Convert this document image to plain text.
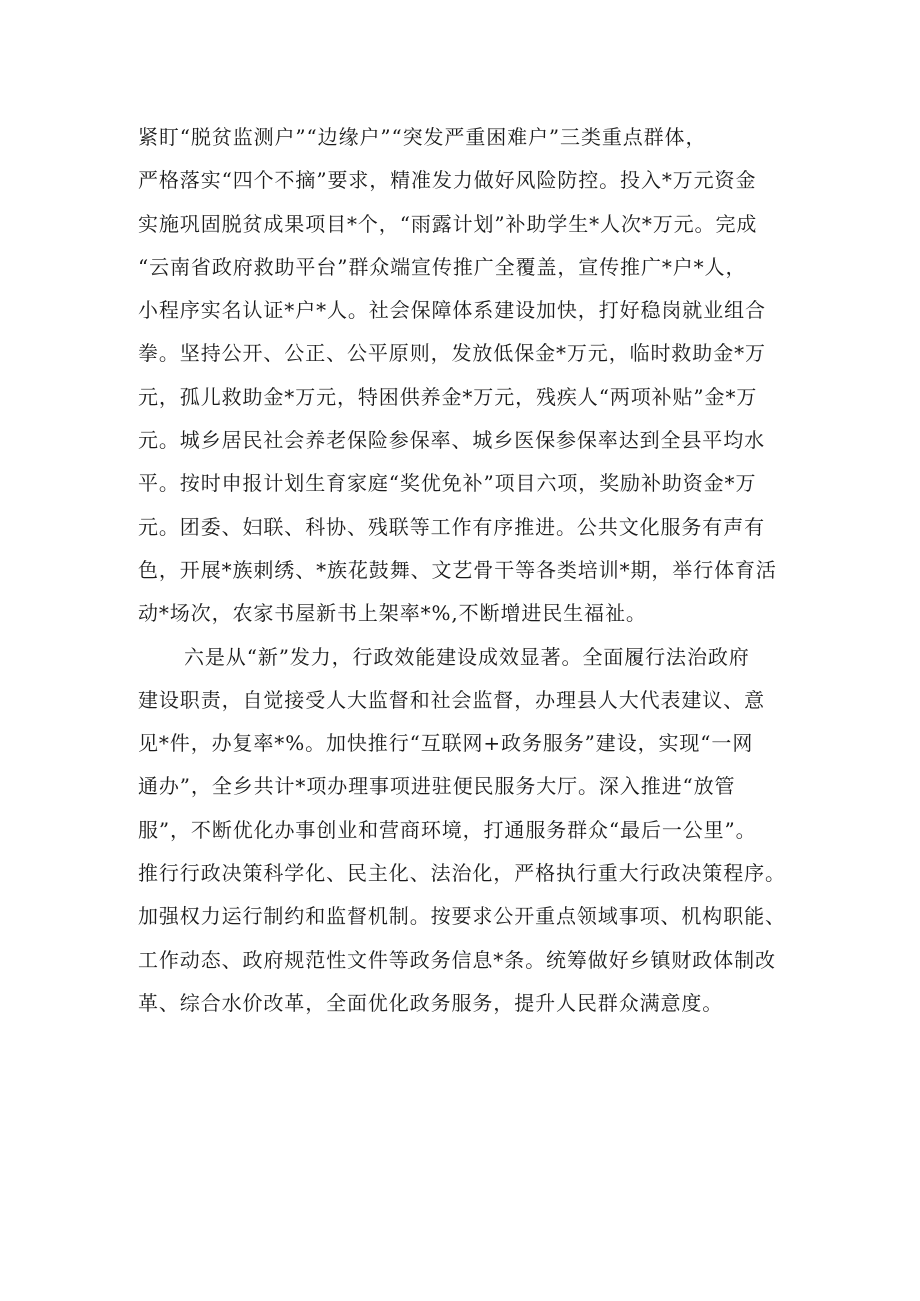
紧盯“脱贫监测户”“边缘户”“突发严重困难户”三类重点群体，
严格落实“四个不摘”要求，精准发力做好风险防控。投入*万元资金
实施巩固脱贫成果项目*个，“雨露计划”补助学生*人次*万元。完成
“云南省政府救助平台”群众端宣传推广全覆盖，宣传推广*户*人，
小程序实名认证*户*人。社会保障体系建设加快，打好稳岗就业组合
拳。坚持公开、公正、公平原则，发放低保金*万元，临时救助金*万
元，孤儿救助金*万元，特困供养金*万元，残疾人“两项补贴”金*万
元。城乡居民社会养老保险参保率、城乡医保参保率达到全县平均水
平。按时申报计划生育家庭“奖优免补”项目六项，奖励补助资金*万
元。团委、妇联、科协、残联等工作有序推进。公共文化服务有声有
色，开展*族刺绣、*族花鼓舞、文艺骨干等各类培训*期，举行体育活
动*场次，农家书屋新书上架率*%,不断增进民生福祉。
六是从“新”发力，行政效能建设成效显著。全面履行法治政府
建设职责，自觉接受人大监督和社会监督，办理县人大代表建议、意
见*件，办复率*%。加快推行“互联网+政务服务”建设，实现“一网
通办”，全乡共计*项办理事项进驻便民服务大厅。深入推进“放管
服”，不断优化办事创业和营商环境，打通服务群众“最后一公里”。
推行行政决策科学化、民主化、法治化，严格执行重大行政决策程序。
加强权力运行制约和监督机制。按要求公开重点领域事项、机构职能、
工作动态、政府规范性文件等政务信息*条。统筹做好乡镇财政体制改
革、综合水价改革，全面优化政务服务，提升人民群众满意度。
